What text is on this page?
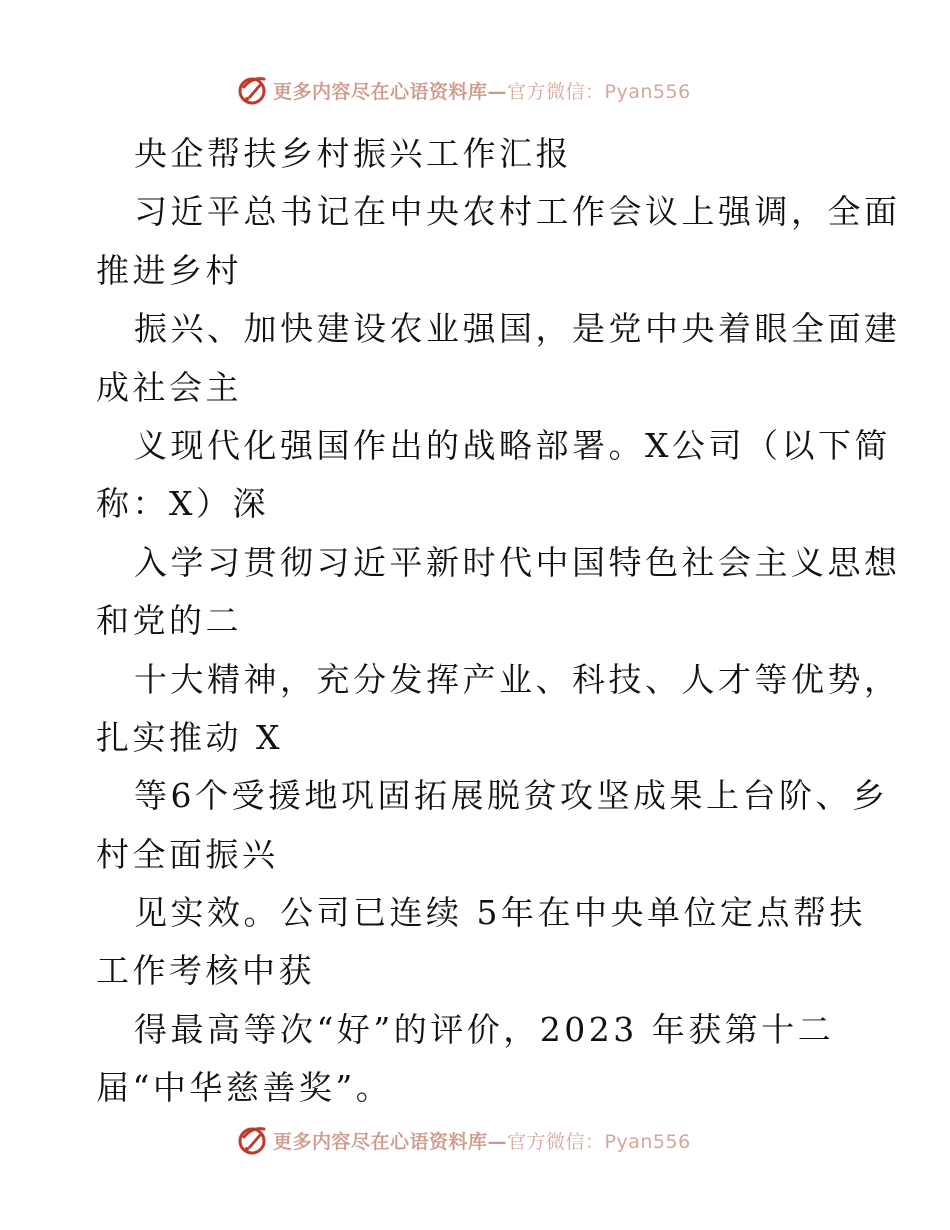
更多内容尽在心语资料库— 官方微信：Pyan556
央企帮扶乡村振兴工作汇报
习近平总书记在中央农村工作会议上强调，全面
推进乡村
振兴、加快建设农业强国，是党中央着眼全面建
成社会主
义现代化强国作出的战略部署。X公司（以下简
称：X）深
入学习贯彻习近平新时代中国特色社会主义思想
和党的二
十大精神，充分发挥产业、科技、人才等优势，
扎实推动 X
等6个受援地巩固拓展脱贫攻坚成果上台阶、乡
村全面振兴
见实效。公司已连续 5年在中央单位定点帮扶
工作考核中获
得最高等次“好”的评价，2023 年获第十二
届“中华慈善奖”。
更多内容尽在心语资料库— 官方微信：Pyan556
